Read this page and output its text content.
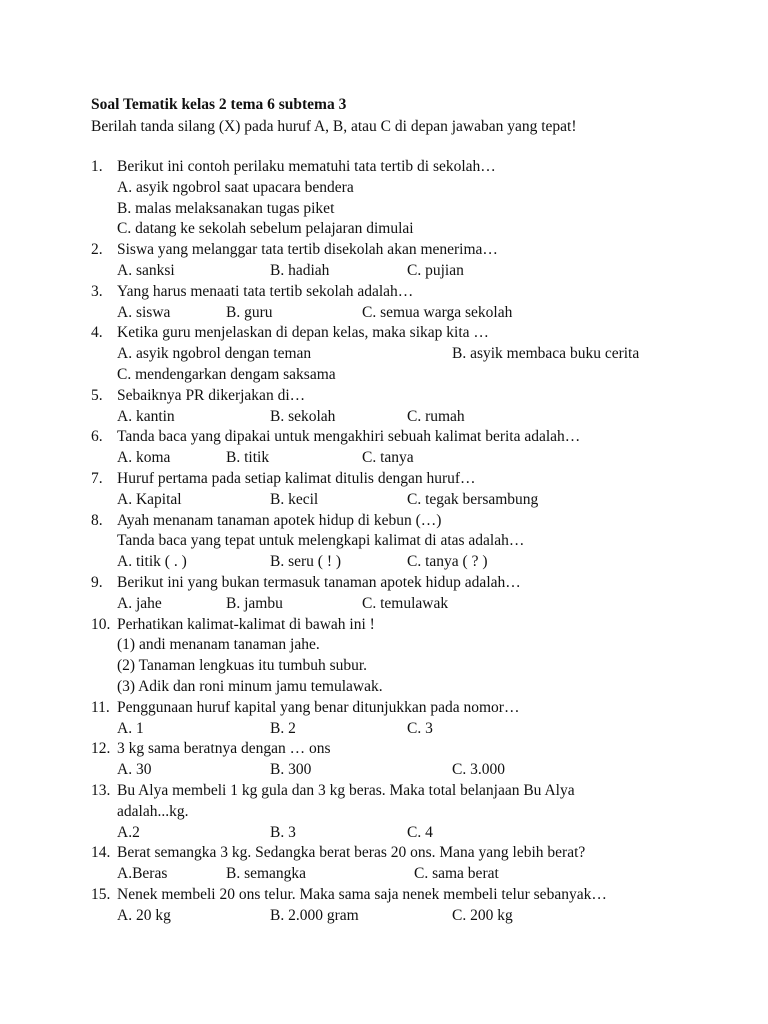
Soal Tematik kelas 2 tema 6 subtema 3
Berilah tanda silang (X) pada huruf A, B, atau C di depan jawaban yang tepat!
1. Berikut ini contoh perilaku mematuhi tata tertib di sekolah…
A. asyik ngobrol saat upacara bendera
B. malas melaksanakan tugas piket
C. datang ke sekolah sebelum pelajaran dimulai
2. Siswa yang melanggar tata tertib disekolah akan menerima…
A. sanksi	B. hadiah	C. pujian
3. Yang harus menaati tata tertib sekolah adalah…
A. siswa	B. guru	C. semua warga sekolah
4. Ketika guru menjelaskan di depan kelas, maka sikap kita …
A. asyik ngobrol dengan teman	B. asyik membaca buku cerita
C. mendengarkan dengam saksama
5. Sebaiknya PR dikerjakan di…
A. kantin	B. sekolah	C. rumah
6. Tanda baca yang dipakai untuk mengakhiri sebuah kalimat berita adalah…
A. koma	B. titik	C. tanya
7. Huruf pertama pada setiap kalimat ditulis dengan huruf…
A. Kapital	B. kecil	C. tegak bersambung
8. Ayah menanam tanaman apotek hidup di kebun (…)
Tanda baca yang tepat untuk melengkapi kalimat di atas adalah…
A. titik ( . )	B. seru ( ! )	C. tanya ( ? )
9. Berikut ini yang bukan termasuk tanaman apotek hidup adalah…
A. jahe	B. jambu	C. temulawak
10. Perhatikan kalimat-kalimat di bawah ini !
(1) andi menanam tanaman jahe.
(2) Tanaman lengkuas itu tumbuh subur.
(3) Adik dan roni minum jamu temulawak.
11. Penggunaan huruf kapital yang benar ditunjukkan pada nomor…
A. 1	B. 2	C. 3
12. 3 kg sama beratnya dengan … ons
A. 30	B. 300	C. 3.000
13. Bu Alya membeli 1 kg gula dan 3 kg beras. Maka total belanjaan Bu Alya
adalah...kg.
A.2	B. 3	C. 4
14. Berat semangka 3 kg. Sedangka berat beras 20 ons. Mana yang lebih berat?
A.Beras	B. semangka	C. sama berat
15. Nenek membeli 20 ons telur. Maka sama saja nenek membeli telur sebanyak…
A. 20 kg	B. 2.000 gram	C. 200 kg
